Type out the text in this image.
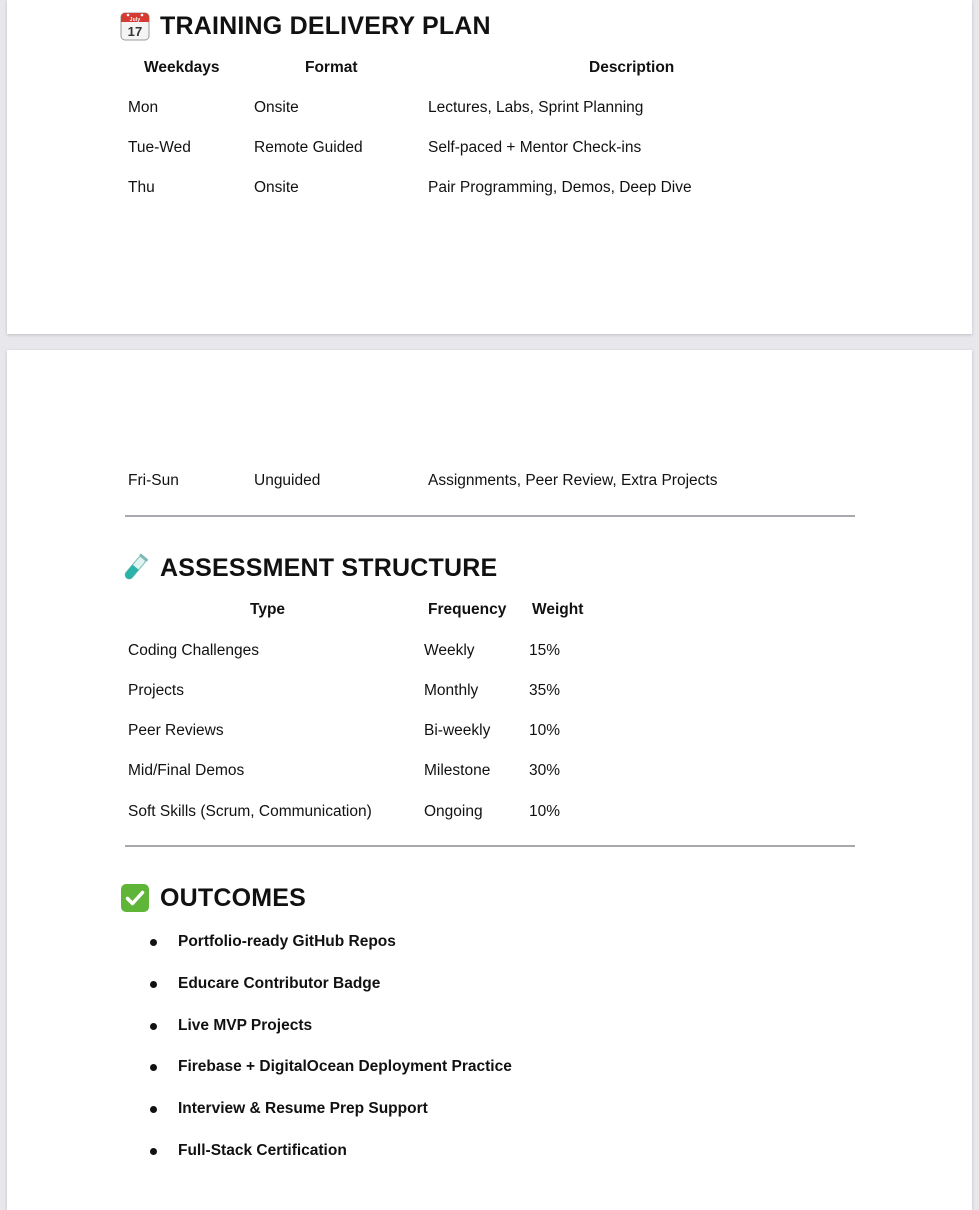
July
17 TRAINING DELIVERY PLAN
Weekdays	Format	Description
Mon	Onsite	Lectures, Labs, Sprint Planning
Tue-Wed	Remote Guided	Self-paced + Mentor Check-ins
Thu	Onsite	Pair Programming, Demos, Deep Dive
Fri-Sun	Unguided	Assignments, Peer Review, Extra Projects
ASSESSMENT STRUCTURE
Type	Frequency Weight
Coding Challenges	Weekly	15%
Projects	Monthly	35%
Peer Reviews	Bi-weekly 10%
Mid/Final Demos	Milestone 30%
Soft Skills (Scrum, Communication)	Ongoing	10%
OUTCOMES
Portfolio-ready GitHub Repos
Educare Contributor Badge
Live MVP Projects
Firebase + DigitalOcean Deployment Practice
Interview & Resume Prep Support
Full-Stack Certification
